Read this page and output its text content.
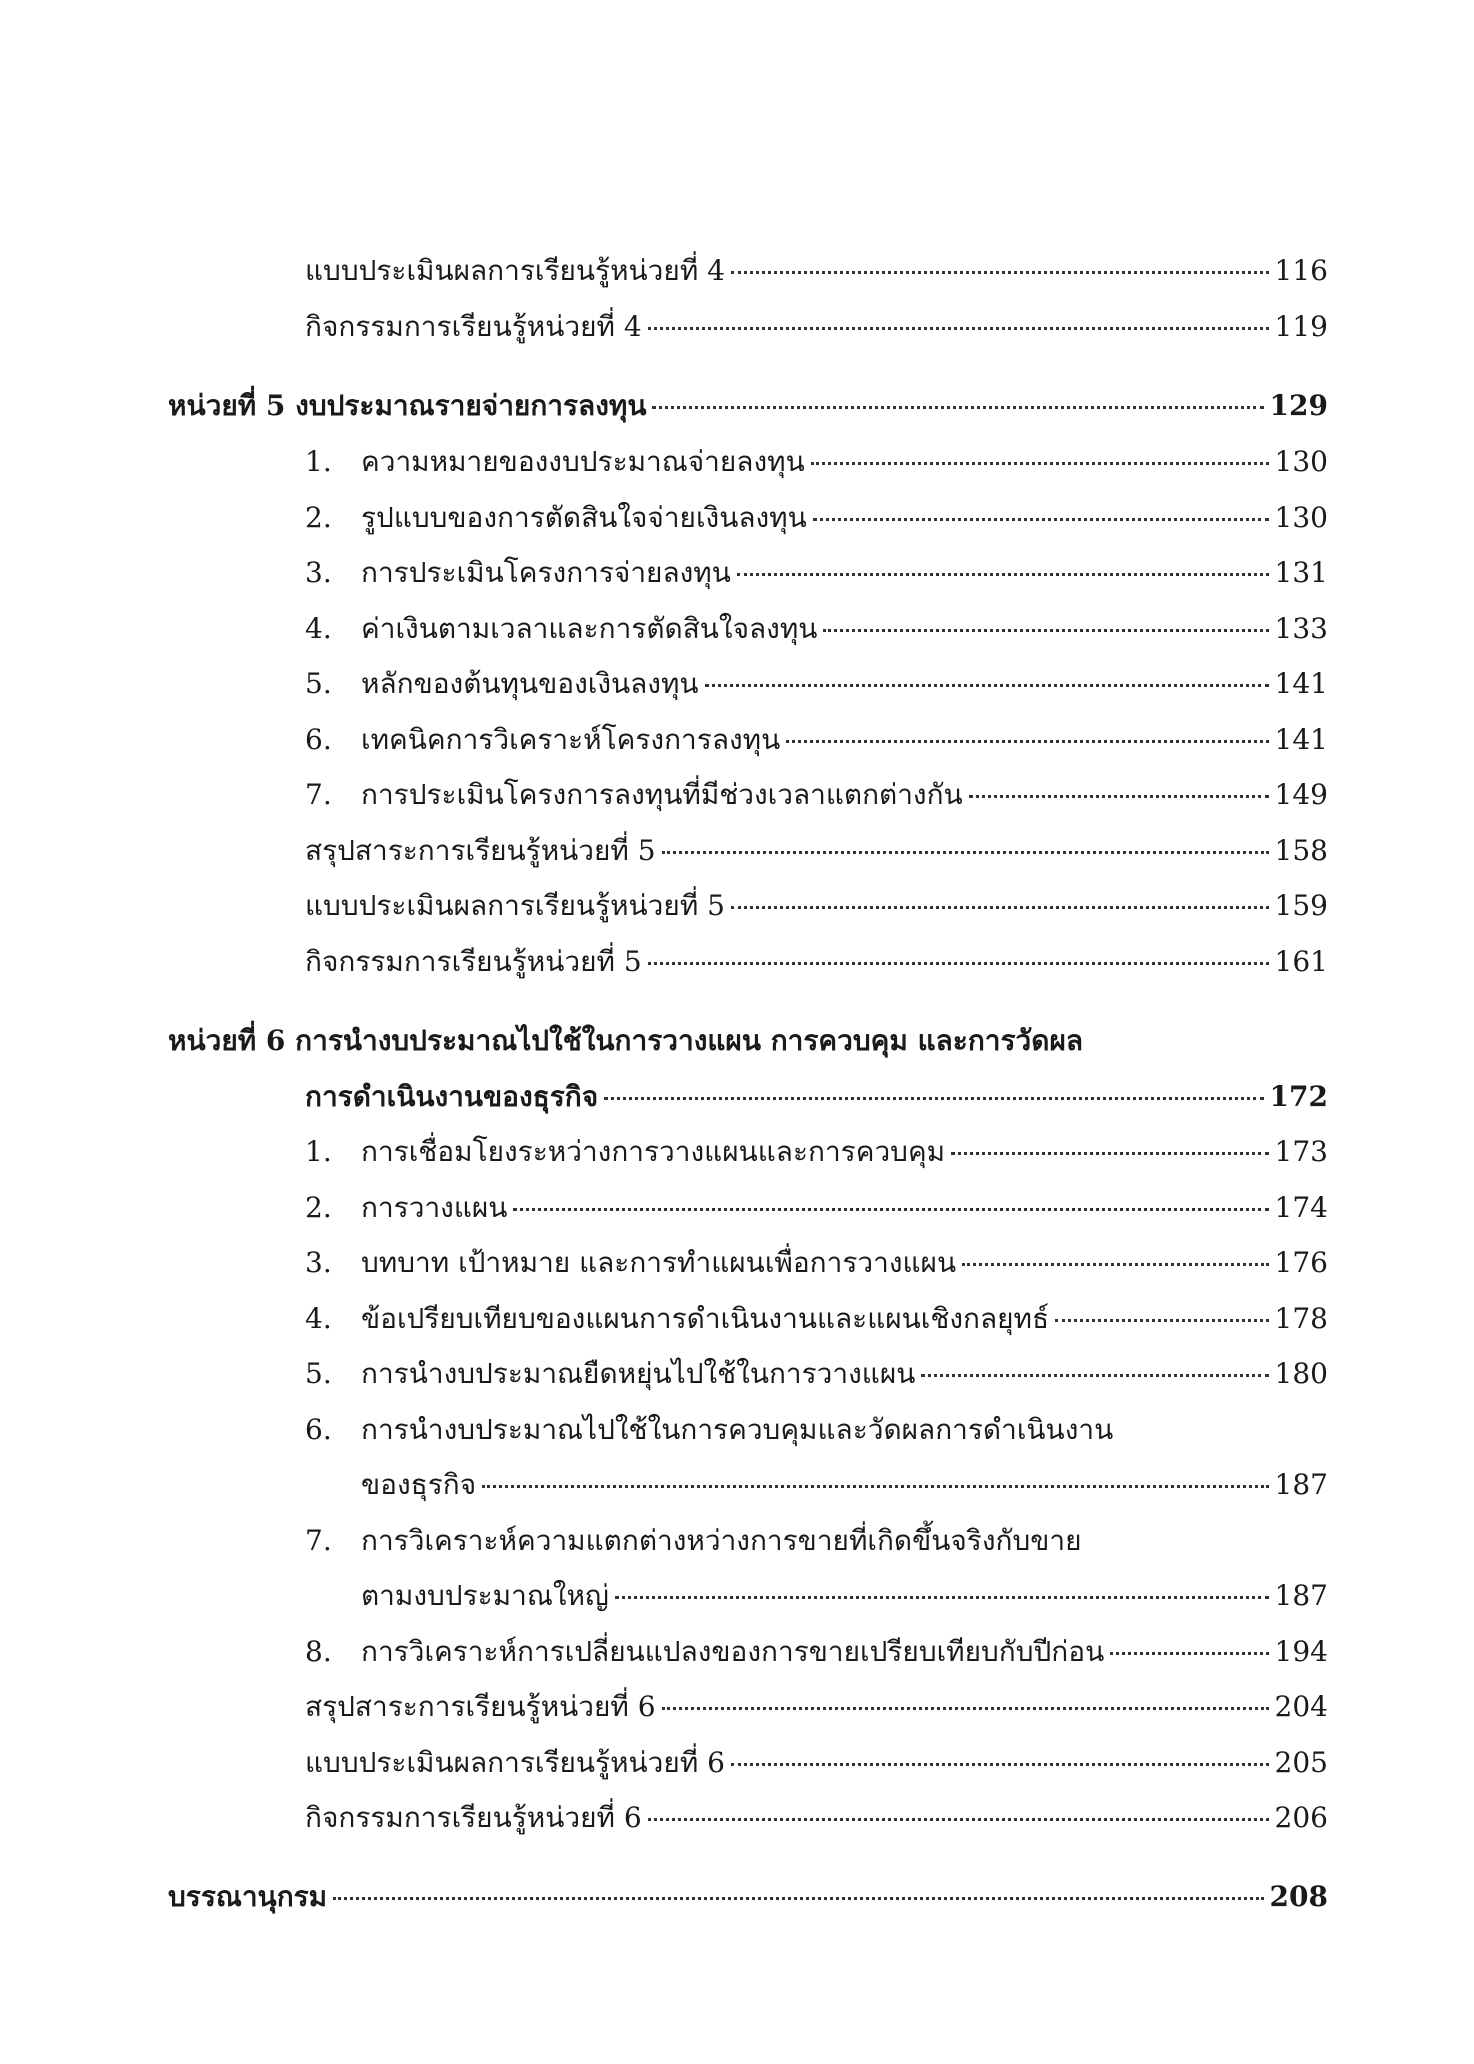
แบบประเมินผลการเรียนรู้หน่วยที่ 4	116
กิจกรรมการเรียนรู้หน่วยที่ 4	119
หน่วยที่ 5 งบประมาณรายจ่ายการลงทุน	129
1.	ความหมายของงบประมาณจ่ายลงทุน	130
2.	รูปแบบของการตัดสินใจจ่ายเงินลงทุน	130
3.	การประเมินโครงการจ่ายลงทุน	131
4.	ค่าเงินตามเวลาและการตัดสินใจลงทุน	133
5.	หลักของต้นทุนของเงินลงทุน	141
6.	เทคนิคการวิเคราะห์โครงการลงทุน	141
7.	การประเมินโครงการลงทุนที่มีช่วงเวลาแตกต่างกัน	149
สรุปสาระการเรียนรู้หน่วยที่ 5	158
แบบประเมินผลการเรียนรู้หน่วยที่ 5	159
กิจกรรมการเรียนรู้หน่วยที่ 5	161
หน่วยที่ 6 การนำงบประมาณไปใช้ในการวางแผน การควบคุม และการวัดผล
การดำเนินงานของธุรกิจ	172
1.	การเชื่อมโยงระหว่างการวางแผนและการควบคุม	173
2.	การวางแผน	174
3.	บทบาท เป้าหมาย และการทำแผนเพื่อการวางแผน	176
4.	ข้อเปรียบเทียบของแผนการดำเนินงานและแผนเชิงกลยุทธ์	178
5.	การนำงบประมาณยืดหยุ่นไปใช้ในการวางแผน	180
6.	การนำงบประมาณไปใช้ในการควบคุมและวัดผลการดำเนินงาน
ของธุรกิจ	187
7.	การวิเคราะห์ความแตกต่างหว่างการขายที่เกิดขึ้นจริงกับขาย
ตามงบประมาณใหญ่	187
8.	การวิเคราะห์การเปลี่ยนแปลงของการขายเปรียบเทียบกับปีก่อน	194
สรุปสาระการเรียนรู้หน่วยที่ 6	204
แบบประเมินผลการเรียนรู้หน่วยที่ 6	205
กิจกรรมการเรียนรู้หน่วยที่ 6	206
บรรณานุกรม	208
